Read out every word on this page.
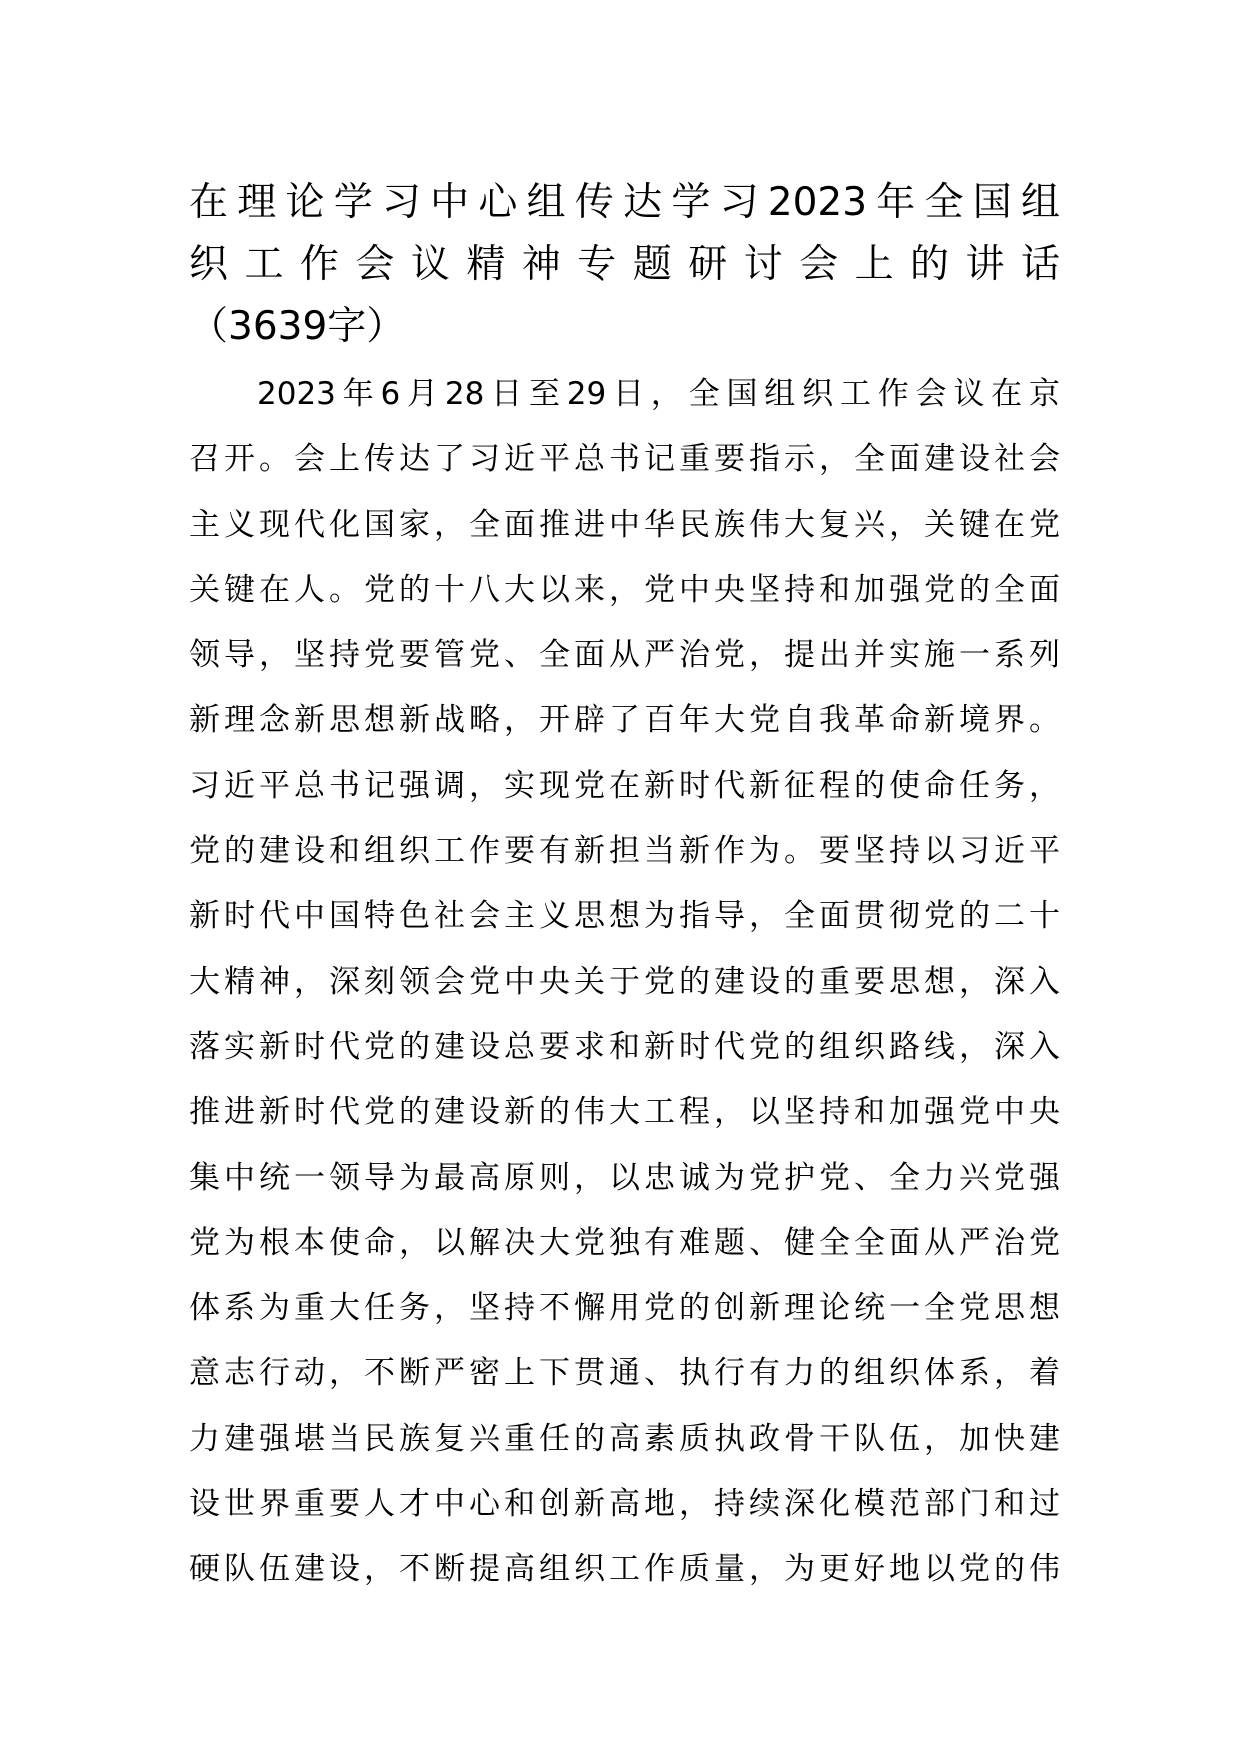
在理论学习中心组传达学习2023年全国组
织工作会议精神专题研讨会上的讲话
（3639字）
2023年6月28日至29日，全国组织工作会议在京
召开。会上传达了习近平总书记重要指示，全面建设社会
主义现代化国家，全面推进中华民族伟大复兴，关键在党
关键在人。党的十八大以来，党中央坚持和加强党的全面
领导，坚持党要管党、全面从严治党，提出并实施一系列
新理念新思想新战略，开辟了百年大党自我革命新境界。
习近平总书记强调，实现党在新时代新征程的使命任务，
党的建设和组织工作要有新担当新作为。要坚持以习近平
新时代中国特色社会主义思想为指导，全面贯彻党的二十
大精神，深刻领会党中央关于党的建设的重要思想，深入
落实新时代党的建设总要求和新时代党的组织路线，深入
推进新时代党的建设新的伟大工程，以坚持和加强党中央
集中统一领导为最高原则，以忠诚为党护党、全力兴党强
党为根本使命，以解决大党独有难题、健全全面从严治党
体系为重大任务，坚持不懈用党的创新理论统一全党思想
意志行动，不断严密上下贯通、执行有力的组织体系，着
力建强堪当民族复兴重任的高素质执政骨干队伍，加快建
设世界重要人才中心和创新高地，持续深化模范部门和过
硬队伍建设，不断提高组织工作质量，为更好地以党的伟
